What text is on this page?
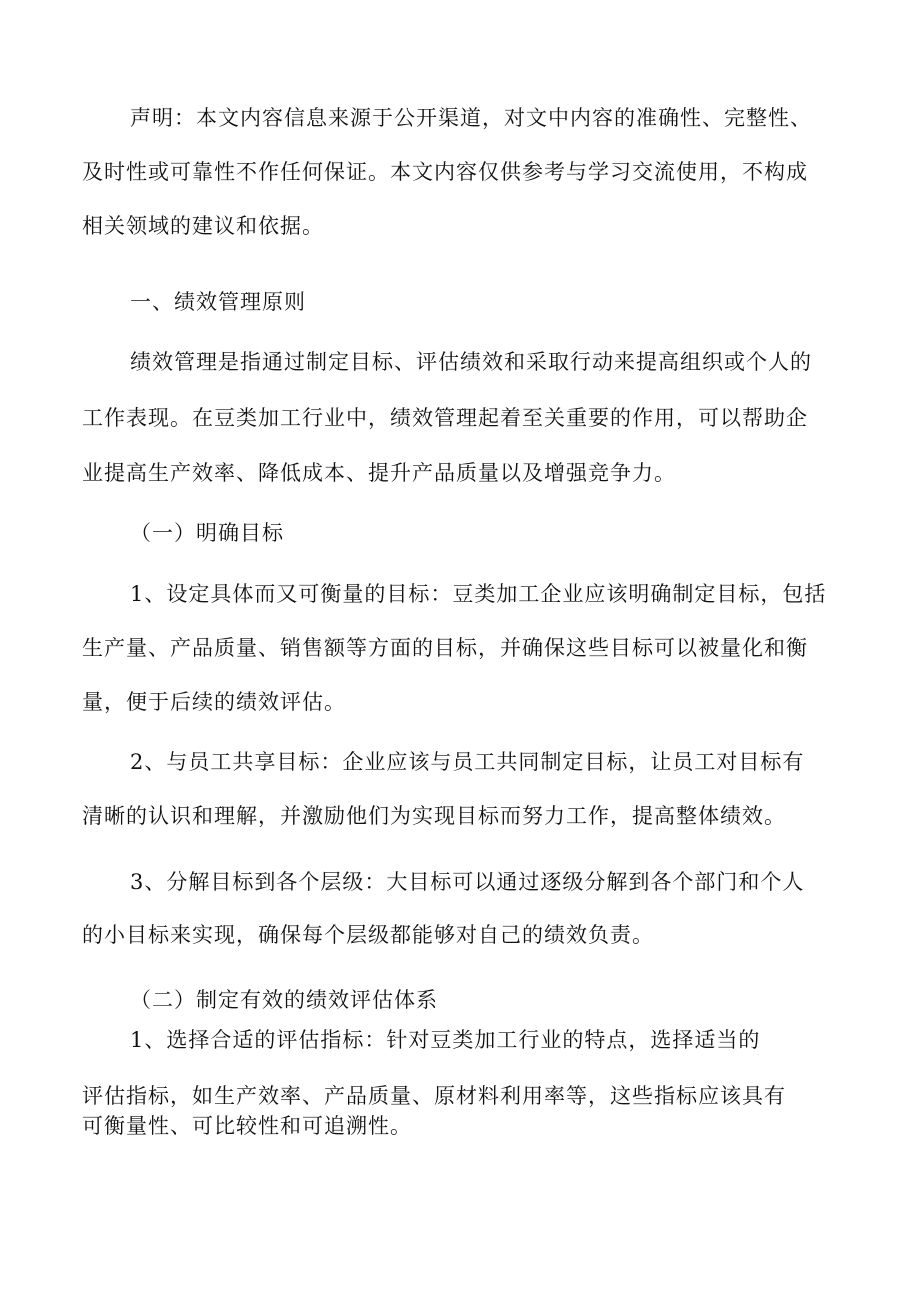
声明：本文内容信息来源于公开渠道，对文中内容的准确性、完整性、
及时性或可靠性不作任何保证。本文内容仅供参考与学习交流使用，不构成
相关领域的建议和依据。
一、绩效管理原则
绩效管理是指通过制定目标、评估绩效和采取行动来提高组织或个人的
工作表现。在豆类加工行业中，绩效管理起着至关重要的作用，可以帮助企
业提高生产效率、降低成本、提升产品质量以及增强竞争力。
（一）明确目标
1、设定具体而又可衡量的目标：豆类加工企业应该明确制定目标，包括
生产量、产品质量、销售额等方面的目标，并确保这些目标可以被量化和衡
量，便于后续的绩效评估。
2、与员工共享目标：企业应该与员工共同制定目标，让员工对目标有
清晰的认识和理解，并激励他们为实现目标而努力工作，提高整体绩效。
3、分解目标到各个层级：大目标可以通过逐级分解到各个部门和个人
的小目标来实现，确保每个层级都能够对自己的绩效负责。
（二）制定有效的绩效评估体系
1、选择合适的评估指标：针对豆类加工行业的特点，选择适当的
评估指标，如生产效率、产品质量、原材料利用率等，这些指标应该具有
可衡量性、可比较性和可追溯性。
